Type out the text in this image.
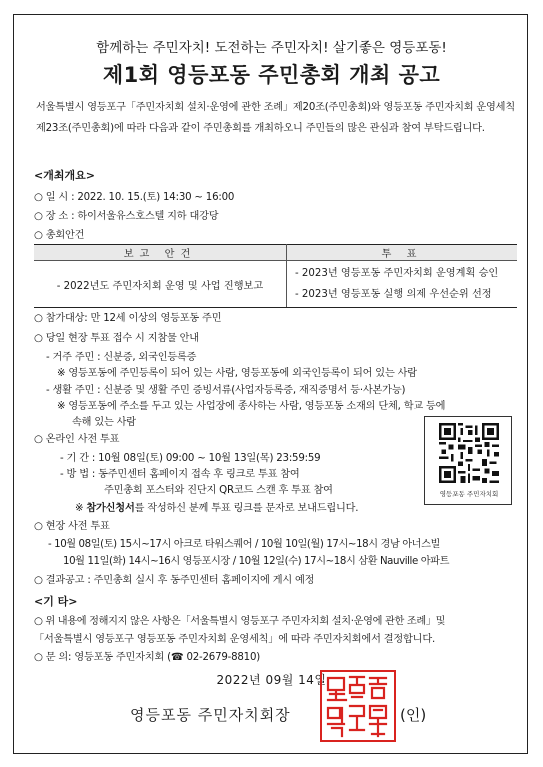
함께하는 주민자치! 도전하는 주민자치! 살기좋은 영등포동!
제1회 영등포동 주민총회 개최 공고
서울특별시 영등포구「주민자치회 설치·운영에 관한 조례」제20조(주민총회)와 영등포동 주민자치회 운영세칙 제23조(주민총회)에 따라 다음과 같이 주민총회를 개최하오니 주민들의 많은 관심과 참여 부탁드립니다.
<개최개요>
○ 일 시 : 2022. 10. 15.(토) 14:30 ~ 16:00
○ 장 소 : 하이서울유스호스텔 지하 대강당
○ 총회안건
보고 안건	투 표
- 2022년도 주민자치회 운영 및 사업 진행보고	- 2023년 영등포동 주민자치회 운영계획 승인
- 2023년 영등포동 실행 의제 우선순위 선정
○ 참가대상: 만 12세 이상의 영등포동 주민
○ 당일 현장 투표 접수 시 지참물 안내
- 거주 주민 : 신분증, 외국인등록증
※ 영등포동에 주민등록이 되어 있는 사람, 영등포동에 외국인등록이 되어 있는 사람
- 생활 주민 : 신분증 및 생활 주민 증빙서류(사업자등록증, 재직증명서 등·사본가능)
※ 영등포동에 주소를 두고 있는 사업장에 종사하는 사람, 영등포동 소재의 단체, 학교 등에
속해 있는 사람
○ 온라인 사전 투표
- 기 간 : 10월 08일(토) 09:00 ~ 10월 13일(목) 23:59:59
- 방 법 : 동주민센터 홈페이지 접속 후 링크로 투표 참여
주민총회 포스터와 진단지 QR코드 스캔 후 투표 참여
※ 참가신청서를 작성하신 분께 투표 링크를 문자로 보내드립니다.
영등포동 주민자치회
○ 현장 사전 투표
- 10월 08일(토) 15시~17시 아크로 타워스퀘어 / 10월 10일(월) 17시~18시 경남 아너스빌
10월 11일(화) 14시~16시 영등포시장 / 10월 12일(수) 17시~18시 삼환 Nauville 아파트
○ 결과공고 : 주민총회 실시 후 동주민센터 홈페이지에 게시 예정
<기 타>
○ 위 내용에 정해지지 않은 사항은「서울특별시 영등포구 주민자치회 설치·운영에 관한 조례」및
「서울특별시 영등포구 영등포동 주민자치회 운영세칙」에 따라 주민자치회에서 결정합니다.
○ 문 의: 영등포동 주민자치회 (☎ 02-2679-8810)
2022년 09월 14일
영등포동 주민자치회장	(인)
